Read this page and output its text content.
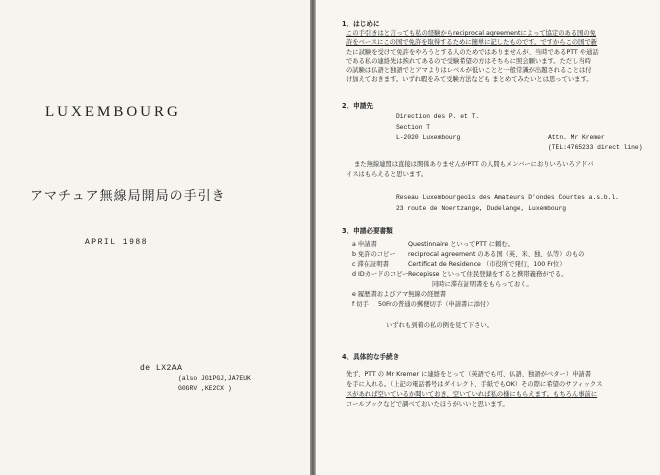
LUXEMBOURG
アマチュア無線局開局の手引き
APRIL 1988
de LX2AA
(also JG1PGJ,JA7EUK
G0GRV ,KE2CX )
1．はじめに
この手引きはと言っても私の経験からreciprocal agreementによって協定のある国の免
許をベースにこの国で免許を取得するために簡単に記したものです。ですからこの国で新
たに試験を受けて免許をやろうとする人のためではありませんが、当時であるPTT や通話
である私の連絡先は挨れてあるので受験希望の方はそちらに照会願います。ただし当時
の試験は仏語と独語でとアマよりはレベルが低いことと一般常識が出題されることは付
け加えておきます。いずれ暇をみて受験方法なども まとめてみたいとは思っています。
2．申請先
Direction des P. et T.
Section T
L-2020 Luxembourg	Attn. Mr Kremer
(TEL:4765233 direct line)
また無線連盟は直接は関係ありませんがPTT の人間もメンバーにおりいろいろアドバ
イスはもらえると思います。
Reseau Luxembourgeois des Amateurs D'ondes Courtes a.s.b.l.
23 route de Noertzange, Dudelange, Luxembourg
3．申請必要書類
a 申請書	Questinnaire といってPTT に頼む。
b 免許のコピー reciprocal agreement のある国（英、米、独、仏等）のもの
c 滞在証明書	Certificat de Residence （市役所で発行，100 Fr位）
d IDカードのコピーRecepisse といって住民登録をすると携帯義務がでる。
同時に滞在証明書をもらっておく。
e 履歴書およびアマ無線の経歴書
f 切手 50Frの普通の郵便切手（申請書に添付）
いずれも到着の私の例を見て下さい。
4．具体的な手続き
先ず、PTT の Mr Kremer に連絡をとって（英語でも可、仏語、独語がベター）申請書
を手に入れる。（上記の電話番号はダイレクト、手紙でもOK）その際に希望のサフィックス
スがあれば空いているか聞いておき、空いていれば私の様にもらえます。もちろん事前に
コールブックなどで調べておいたほうがいいと思います。
